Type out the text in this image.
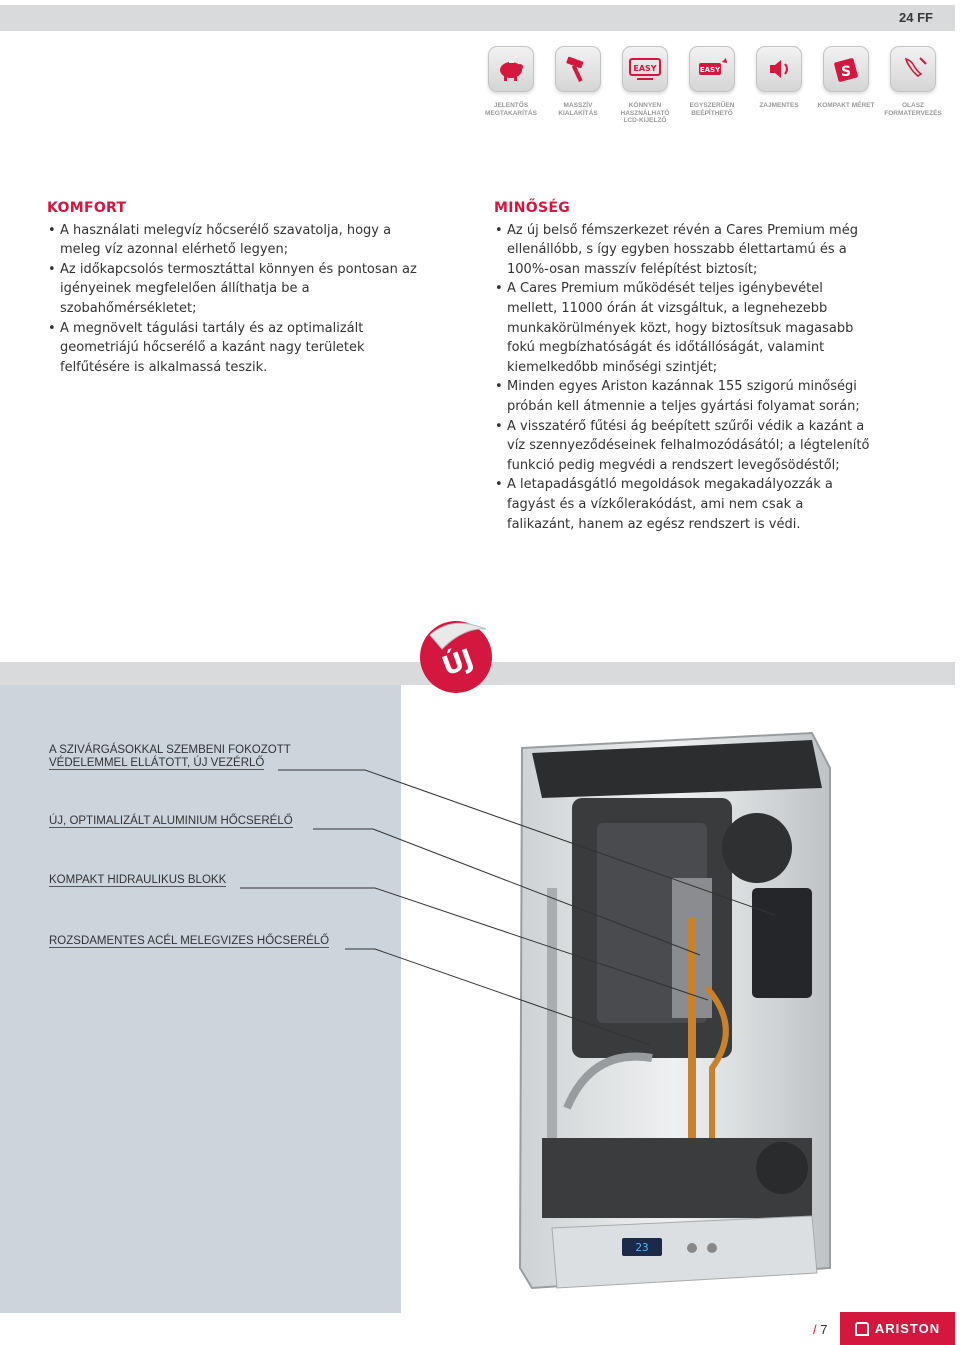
24 FF
JELENTŐS MEGTAKARÍTÁS
MASSZÍV KIALAKÍTÁS
EASY
KÖNNYEN HASZNÁLHATÓ LCD-KIJELZŐ
EASY
EGYSZERŰEN BEÉPÍTHETŐ
ZAJMENTES
S
KOMPAKT MÉRET	OLASZ FORMATERVEZÉS
KOMFORT
• A használati melegvíz hőcserélő szavatolja, hogy a meleg víz azonnal elérhető legyen;
• Az időkapcsolós termosztáttal könnyen és pontosan az igényeinek megfelelően állíthatja be a szobahőmérsékletet;
• A megnövelt tágulási tartály és az optimalizált geometriájú hőcserélő a kazánt nagy területek felfűtésére is alkalmassá teszik.
MINŐSÉG
• Az új belső fémszerkezet révén a Cares Premium még ellenállóbb, s így egyben hosszabb élettartamú és a 100%-osan masszív felépítést biztosít;
• A Cares Premium működését teljes igénybevétel mellett, 11000 órán át vizsgáltuk, a legnehezebb munkakörülmények közt, hogy biztosítsuk magasabb fokú megbízhatóságát és időtállóságát, valamint kiemelkedőbb minőségi szintjét;
• Minden egyes Ariston kazánnak 155 szigorú minőségi próbán kell átmennie a teljes gyártási folyamat során;
• A visszatérő fűtési ág beépített szűrői védik a kazánt a víz szennyeződéseinek felhalmozódásától; a légtelenítő funkció pedig megvédi a rendszert levegősödéstől;
• A letapadásgátló megoldások megakadályozzák a fagyást és a vízkőlerakódást, ami nem csak a falikazánt, hanem az egész rendszert is védi.
ÚJ
A SZIVÁRGÁSOKKAL SZEMBENI FOKOZOTT
VÉDELEMMEL ELLÁTOTT, ÚJ VEZÉRLŐ
ÚJ, OPTIMALIZÁLT ALUMINIUM HŐCSERÉLŐ
KOMPAKT HIDRAULIKUS BLOKK
ROZSDAMENTES ACÉL MELEGVIZES HŐCSERÉLŐ
23
/ 7	ARISTON
